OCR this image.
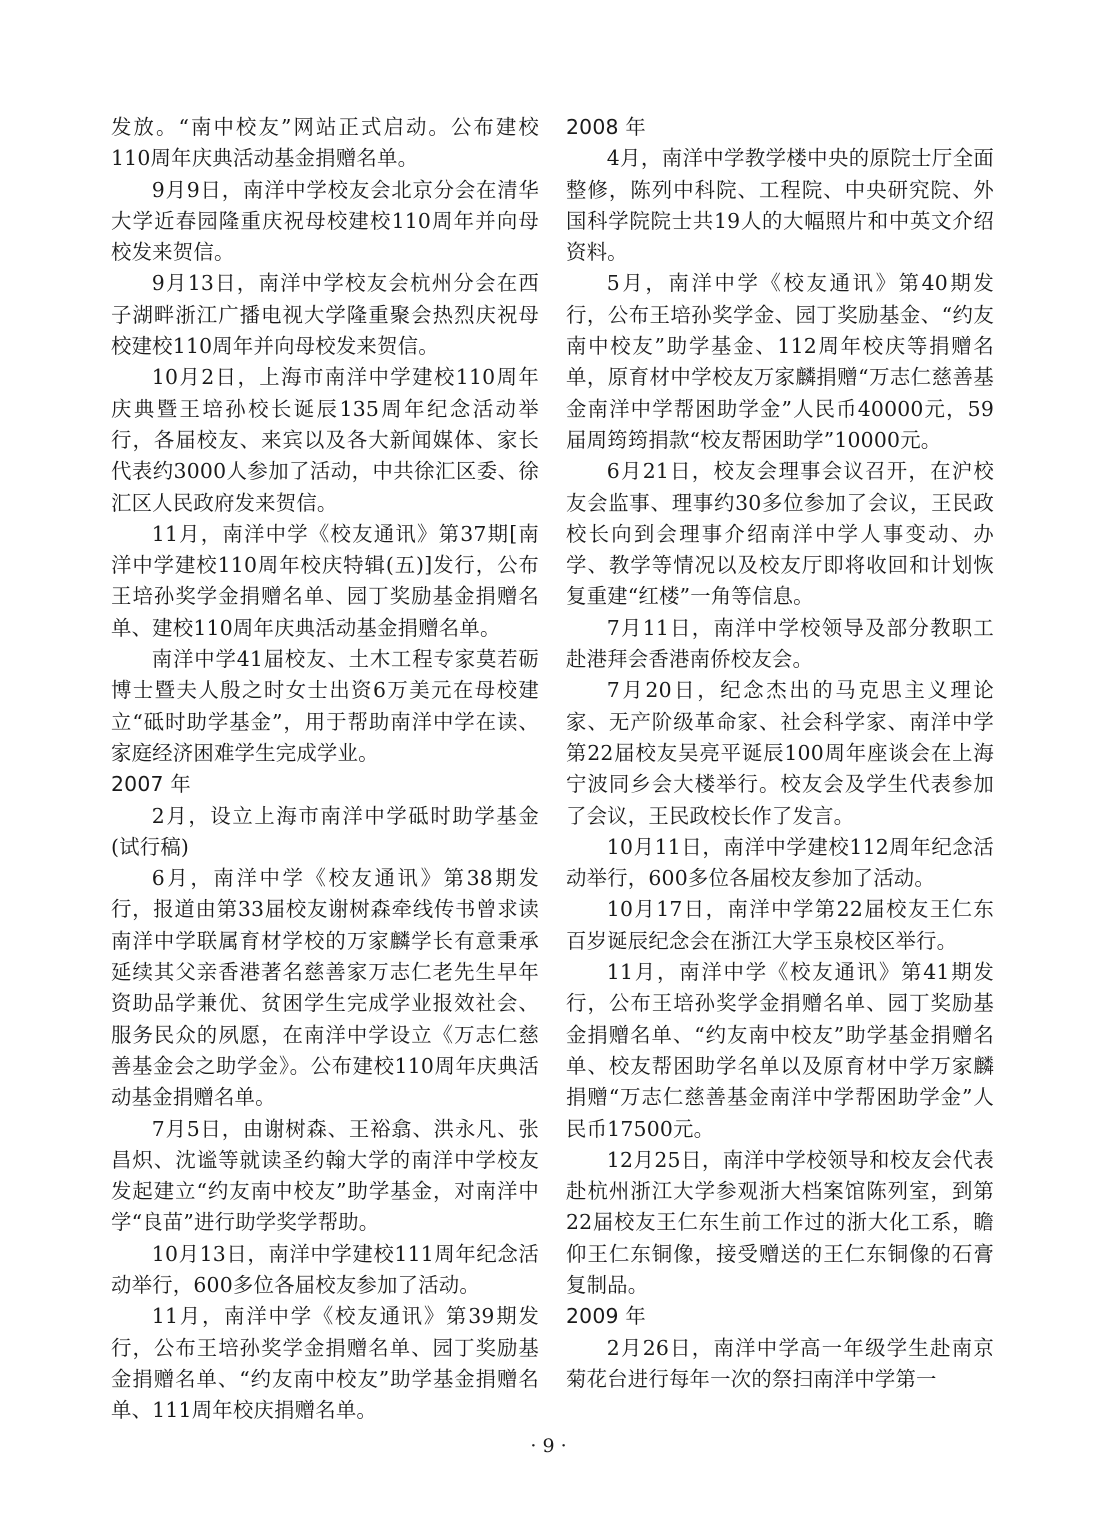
发放。“南中校友”网站正式启动。公布建校110周年庆典活动基金捐赠名单。

9月9日，南洋中学校友会北京分会在清华大学近春园隆重庆祝母校建校110周年并向母校发来贺信。

9月13日，南洋中学校友会杭州分会在西子湖畔浙江广播电视大学隆重聚会热烈庆祝母校建校110周年并向母校发来贺信。

10月2日，上海市南洋中学建校110周年庆典暨王培孙校长诞辰135周年纪念活动举行，各届校友、来宾以及各大新闻媒体、家长代表约3000人参加了活动，中共徐汇区委、徐汇区人民政府发来贺信。

11月，南洋中学《校友通讯》第37期[南洋中学建校110周年校庆特辑(五)]发行，公布王培孙奖学金捐赠名单、园丁奖励基金捐赠名单、建校110周年庆典活动基金捐赠名单。

南洋中学41届校友、土木工程专家莫若砺博士暨夫人殷之时女士出资6万美元在母校建立“砥时助学基金”，用于帮助南洋中学在读、家庭经济困难学生完成学业。

2007 年

2月，设立上海市南洋中学砥时助学基金(试行稿)

6月，南洋中学《校友通讯》第38期发行，报道由第33届校友谢树森牵线传书曾求读南洋中学联属育材学校的万家麟学长有意秉承延续其父亲香港著名慈善家万志仁老先生早年资助品学兼优、贫困学生完成学业报效社会、服务民众的夙愿，在南洋中学设立《万志仁慈善基金会之助学金》。公布建校110周年庆典活动基金捐赠名单。

7月5日，由谢树森、王裕翕、洪永凡、张昌炽、沈谧等就读圣约翰大学的南洋中学校友发起建立“约友南中校友”助学基金，对南洋中学“良苗”进行助学奖学帮助。

10月13日，南洋中学建校111周年纪念活动举行，600多位各届校友参加了活动。

11月，南洋中学《校友通讯》第39期发行，公布王培孙奖学金捐赠名单、园丁奖励基金捐赠名单、“约友南中校友”助学基金捐赠名单、111周年校庆捐赠名单。

2008 年

4月，南洋中学教学楼中央的原院士厅全面整修，陈列中科院、工程院、中央研究院、外国科学院院士共19人的大幅照片和中英文介绍资料。

5月，南洋中学《校友通讯》第40期发行，公布王培孙奖学金、园丁奖励基金、“约友南中校友”助学基金、112周年校庆等捐赠名单，原育材中学校友万家麟捐赠“万志仁慈善基金南洋中学帮困助学金”人民币40000元，59届周筠筠捐款“校友帮困助学”10000元。

6月21日，校友会理事会议召开，在沪校友会监事、理事约30多位参加了会议，王民政校长向到会理事介绍南洋中学人事变动、办学、教学等情况以及校友厅即将收回和计划恢复重建“红楼”一角等信息。

7月11日，南洋中学校领导及部分教职工赴港拜会香港南侨校友会。

7月20日，纪念杰出的马克思主义理论家、无产阶级革命家、社会科学家、南洋中学第22届校友吴亮平诞辰100周年座谈会在上海宁波同乡会大楼举行。校友会及学生代表参加了会议，王民政校长作了发言。

10月11日，南洋中学建校112周年纪念活动举行，600多位各届校友参加了活动。

10月17日，南洋中学第22届校友王仁东百岁诞辰纪念会在浙江大学玉泉校区举行。

11月，南洋中学《校友通讯》第41期发行，公布王培孙奖学金捐赠名单、园丁奖励基金捐赠名单、“约友南中校友”助学基金捐赠名单、校友帮困助学名单以及原育材中学万家麟捐赠“万志仁慈善基金南洋中学帮困助学金”人民币17500元。

12月25日，南洋中学校领导和校友会代表赴杭州浙江大学参观浙大档案馆陈列室，到第22届校友王仁东生前工作过的浙大化工系，瞻仰王仁东铜像，接受赠送的王仁东铜像的石膏复制品。

2009 年

2月26日，南洋中学高一年级学生赴南京菊花台进行每年一次的祭扫南洋中学第一

· 9 ·
